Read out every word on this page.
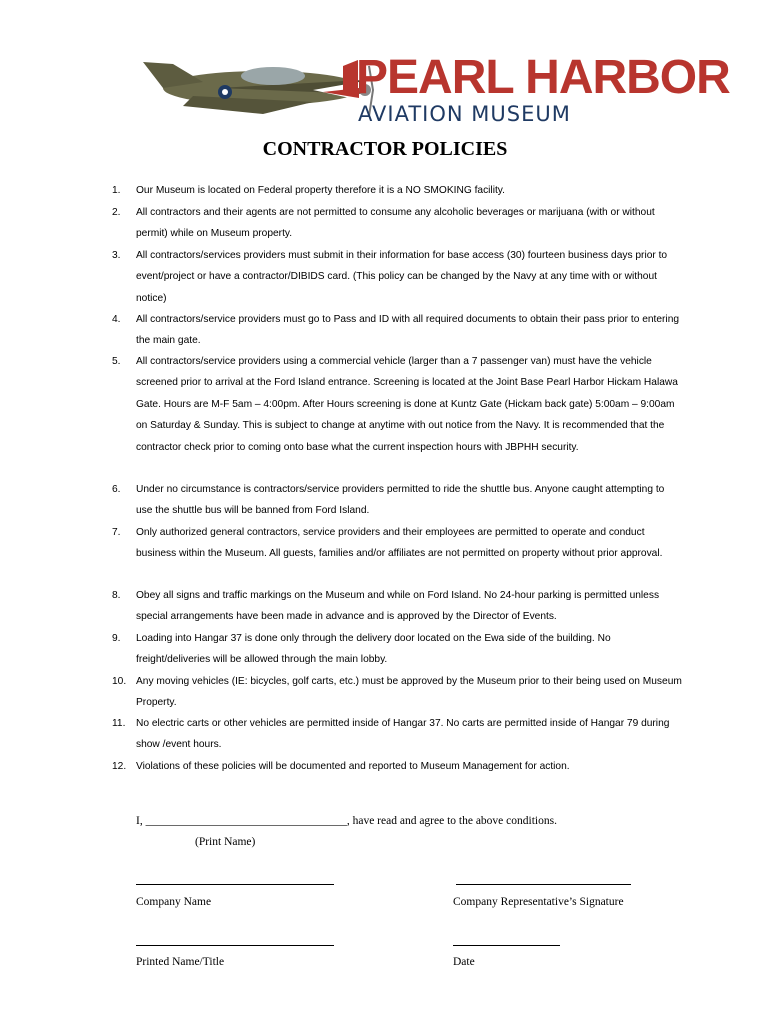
PEARL HARBOR
AVIATION MUSEUM
CONTRACTOR POLICIES
1. Our Museum is located on Federal property therefore it is a NO SMOKING facility.
2. All contractors and their agents are not permitted to consume any alcoholic beverages or marijuana (with or without permit) while on Museum property.
3. All contractors/services providers must submit in their information for base access (30) fourteen business days prior to event/project or have a contractor/DIBIDS card. (This policy can be changed by the Navy at any time with or without notice)
4. All contractors/service providers must go to Pass and ID with all required documents to obtain their pass prior to entering the main gate.
5. All contractors/service providers using a commercial vehicle (larger than a 7 passenger van) must have the vehicle screened prior to arrival at the Ford Island entrance. Screening is located at the Joint Base Pearl Harbor Hickam Halawa Gate. Hours are M-F 5am – 4:00pm. After Hours screening is done at Kuntz Gate (Hickam back gate) 5:00am – 9:00am on Saturday & Sunday. This is subject to change at anytime with out notice from the Navy. It is recommended that the contractor check prior to coming onto base what the current inspection hours with JBPHH security.
6. Under no circumstance is contractors/service providers permitted to ride the shuttle bus. Anyone caught attempting to use the shuttle bus will be banned from Ford Island.
7. Only authorized general contractors, service providers and their employees are permitted to operate and conduct business within the Museum. All guests, families and/or affiliates are not permitted on property without prior approval.
8. Obey all signs and traffic markings on the Museum and while on Ford Island. No 24-hour parking is permitted unless special arrangements have been made in advance and is approved by the Director of Events.
9. Loading into Hangar 37 is done only through the delivery door located on the Ewa side of the building. No freight/deliveries will be allowed through the main lobby.
10. Any moving vehicles (IE: bicycles, golf carts, etc.) must be approved by the Museum prior to their being used on Museum Property.
11. No electric carts or other vehicles are permitted inside of Hangar 37. No carts are permitted inside of Hangar 79 during show /event hours.
12. Violations of these policies will be documented and reported to Museum Management for action.
I, ___________________________________, have read and agree to the above conditions.
(Print Name)
Company Name	Company Representative’s Signature
Printed Name/Title	Date
